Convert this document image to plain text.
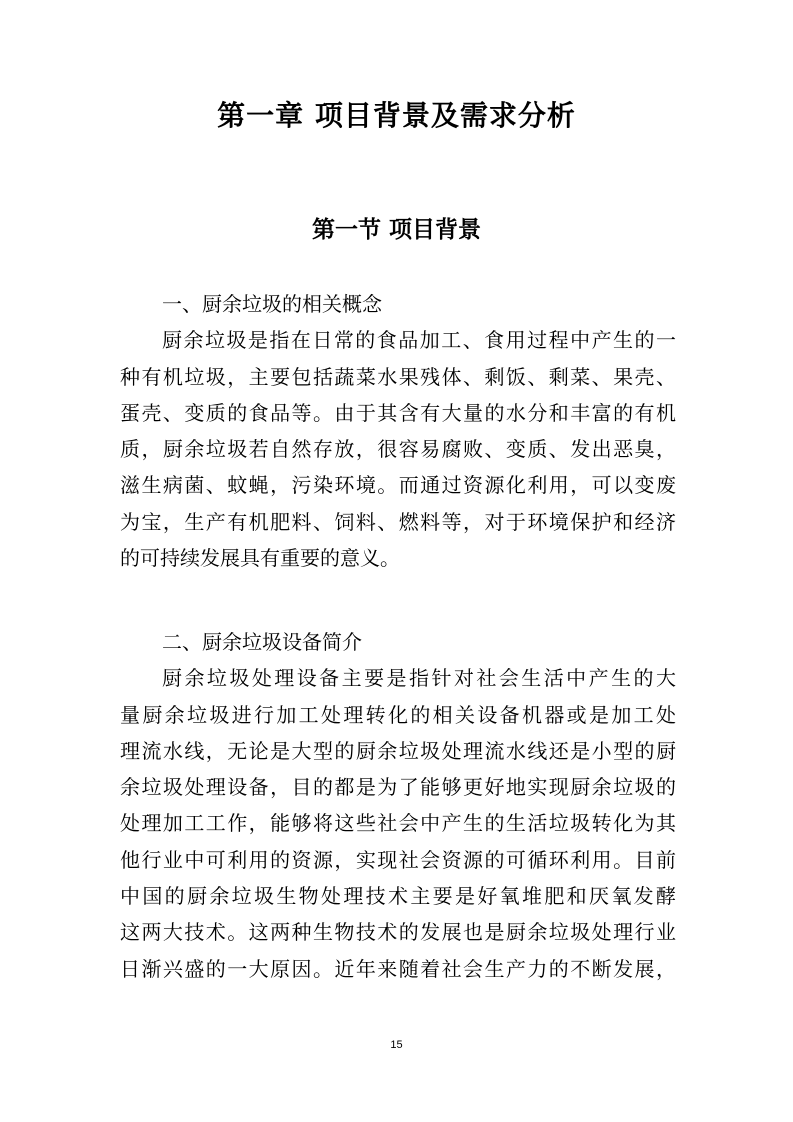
第一章 项目背景及需求分析
第一节 项目背景
一、厨余垃圾的相关概念
厨余垃圾是指在日常的食品加工、食用过程中产生的一
种有机垃圾，主要包括蔬菜水果残体、剩饭、剩菜、果壳、
蛋壳、变质的食品等。由于其含有大量的水分和丰富的有机
质，厨余垃圾若自然存放，很容易腐败、变质、发出恶臭，
滋生病菌、蚊蝇，污染环境。而通过资源化利用，可以变废
为宝，生产有机肥料、饲料、燃料等，对于环境保护和经济
的可持续发展具有重要的意义。
二、厨余垃圾设备简介
厨余垃圾处理设备主要是指针对社会生活中产生的大
量厨余垃圾进行加工处理转化的相关设备机器或是加工处
理流水线，无论是大型的厨余垃圾处理流水线还是小型的厨
余垃圾处理设备，目的都是为了能够更好地实现厨余垃圾的
处理加工工作，能够将这些社会中产生的生活垃圾转化为其
他行业中可利用的资源，实现社会资源的可循环利用。目前
中国的厨余垃圾生物处理技术主要是好氧堆肥和厌氧发酵
这两大技术。这两种生物技术的发展也是厨余垃圾处理行业
日渐兴盛的一大原因。近年来随着社会生产力的不断发展，
15
